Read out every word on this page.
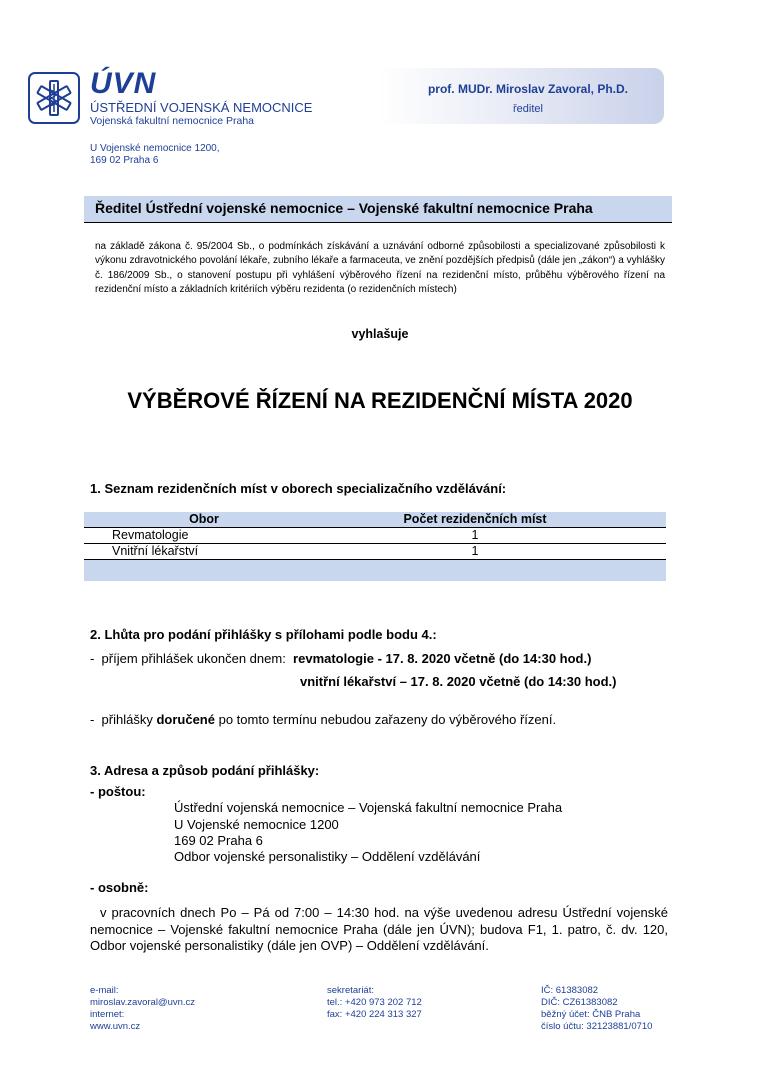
ÚVN
ÚSTŘEDNÍ VOJENSKÁ NEMOCNICE
Vojenská fakultní nemocnice Praha
prof. MUDr. Miroslav Zavoral, Ph.D.
ředitel
U Vojenské nemocnice 1200,
169 02 Praha 6
Ředitel Ústřední vojenské nemocnice – Vojenské fakultní nemocnice Praha
na základě zákona č. 95/2004 Sb., o podmínkách získávání a uznávání odborné způsobilosti a specializované způsobilosti k výkonu zdravotnického povolání lékaře, zubního lékaře a farmaceuta, ve znění pozdějších předpisů (dále jen „zákon“) a vyhlášky č. 186/2009 Sb., o stanovení postupu při vyhlášení výběrového řízení na rezidenční místo, průběhu výběrového řízení na rezidenční místo a základních kritériích výběru rezidenta (o rezidenčních místech)
vyhlašuje
VÝBĚROVÉ ŘÍZENÍ NA REZIDENČNÍ MÍSTA 2020
1. Seznam rezidenčních míst v oborech specializačního vzdělávání:
Obor	Počet rezidenčních míst
Revmatologie	1
Vnitřní lékařství	1
2. Lhůta pro podání přihlášky s přílohami podle bodu 4.:
-  příjem přihlášek ukončen dnem:  revmatologie - 17. 8. 2020 včetně (do 14:30 hod.)
vnitřní lékařství – 17. 8. 2020 včetně (do 14:30 hod.)
-  přihlášky doručené po tomto termínu nebudou zařazeny do výběrového řízení.
3. Adresa a způsob podání přihlášky:
- poštou:
Ústřední vojenská nemocnice – Vojenská fakultní nemocnice Praha
U Vojenské nemocnice 1200
169 02 Praha 6
Odbor vojenské personalistiky – Oddělení vzdělávání
- osobně:
v pracovních dnech Po – Pá od 7:00 – 14:30 hod. na výše uvedenou adresu Ústřední vojenské nemocnice – Vojenské fakultní nemocnice Praha (dále jen ÚVN); budova F1, 1. patro, č. dv. 120, Odbor vojenské personalistiky (dále jen OVP) – Oddělení vzdělávání.
e-mail:
miroslav.zavoral@uvn.cz
internet:
www.uvn.cz
sekretariát:
tel.: +420 973 202 712
fax: +420 224 313 327
IČ: 61383082
DIČ: CZ61383082
běžný účet: ČNB Praha
číslo účtu: 32123881/0710
